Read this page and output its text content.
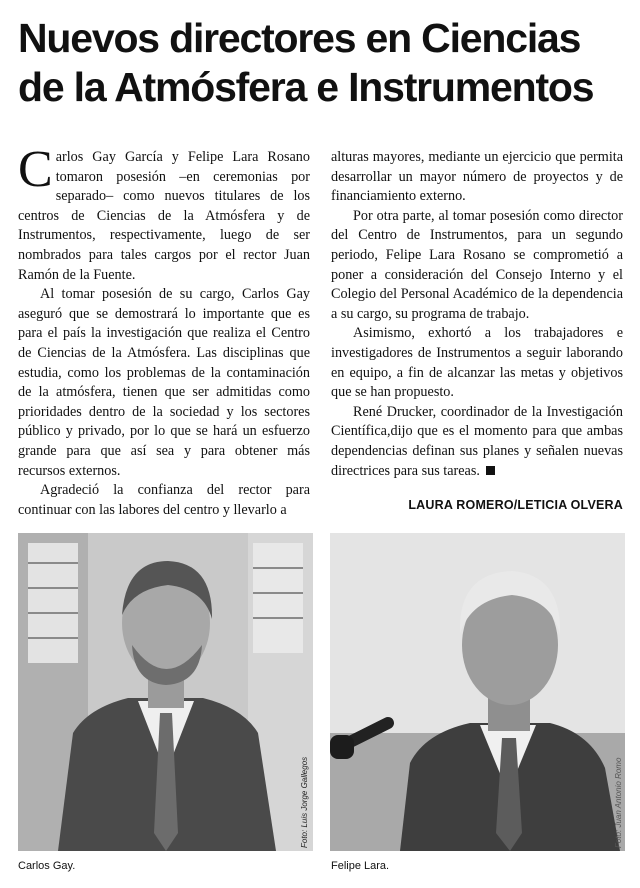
Nuevos directores en Ciencias de la Atmósfera e Instrumentos

Carlos Gay García y Felipe Lara Rosano tomaron posesión –en ceremonias por separado– como nuevos titulares de los centros de Ciencias de la Atmósfera y de Instrumentos, respectivamente, luego de ser nombrados para tales cargos por el rector Juan Ramón de la Fuente.

Al tomar posesión de su cargo, Carlos Gay aseguró que se demostrará lo importante que es para el país la investigación que realiza el Centro de Ciencias de la Atmósfera. Las disciplinas que estudia, como los problemas de la contaminación de la atmósfera, tienen que ser admitidas como prioridades dentro de la sociedad y los sectores público y privado, por lo que se hará un esfuerzo grande para que así sea y para obtener más recursos externos.

Agradeció la confianza del rector para continuar con las labores del centro y llevarlo a

alturas mayores, mediante un ejercicio que permita desarrollar un mayor número de proyectos y de financiamiento externo.

Por otra parte, al tomar posesión como director del Centro de Instrumentos, para un segundo periodo, Felipe Lara Rosano se comprometió a poner a consideración del Consejo Interno y el Colegio del Personal Académico de la dependencia a su cargo, su programa de trabajo.

Asimismo, exhortó a los trabajadores e investigadores de Instrumentos a seguir laborando en equipo, a fin de alcanzar las metas y objetivos que se han propuesto.

René Drucker, coordinador de la Investigación Científica,dijo que es el momento para que ambas dependencias definan sus planes y señalen nuevas directrices para sus tareas.

LAURA ROMERO/LETICIA OLVERA
Foto: Luis Jorge Gallegos	Foto: Juan Antonio Romo
Carlos Gay.	Felipe Lara.
